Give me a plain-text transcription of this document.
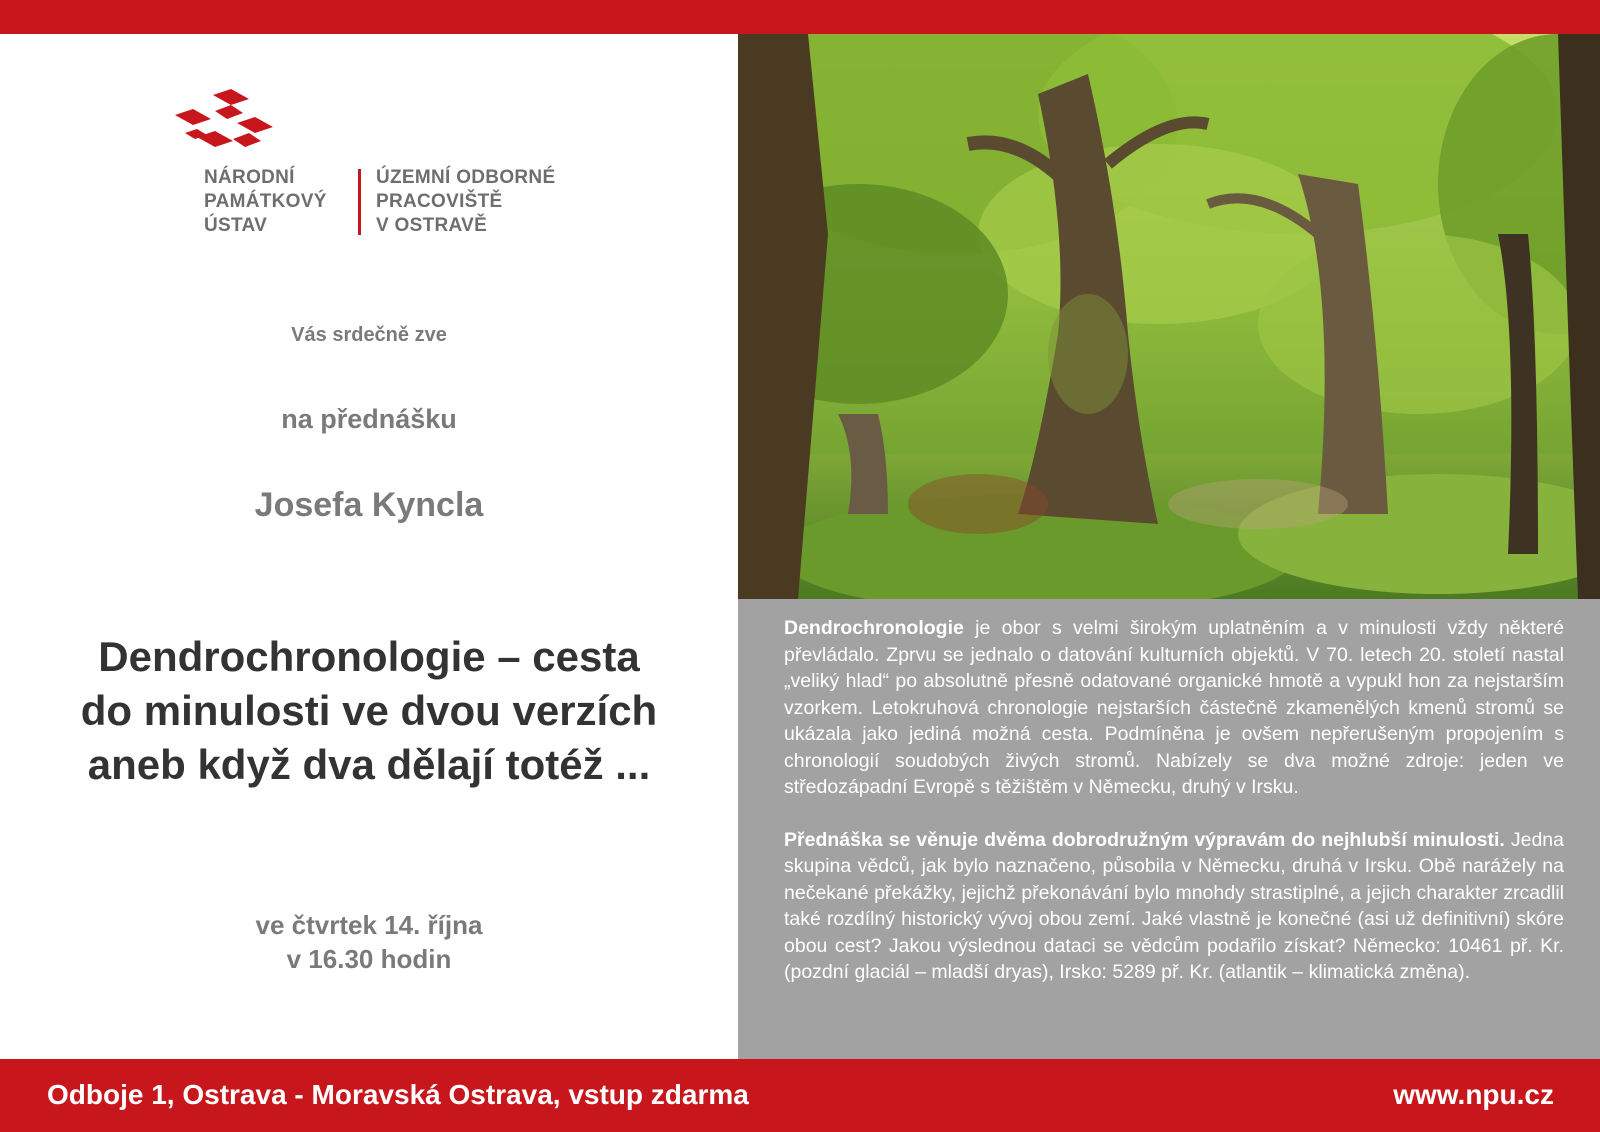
NÁRODNÍ
PAMÁTKOVÝ
ÚSTAV
ÚZEMNÍ ODBORNÉ
PRACOVIŠTĚ
V OSTRAVĚ
Vás srdečně zve
na přednášku
Josefa Kyncla
Dendrochronologie – cesta
do minulosti ve dvou verzích
aneb když dva dělají totéž ...
ve čtvrtek 14. října
v 16.30 hodin

Dendrochronologie je obor s velmi širokým uplatněním a v minulosti vždy některé převládalo. Zprvu se jednalo o datování kulturních objektů. V 70. letech 20. století nastal „veliký hlad“ po absolutně přesně odatované organické hmotě a vypukl hon za nejstarším vzorkem. Letokruhová chronologie nejstarších částečně zkamenělých kmenů stromů se ukázala jako jediná možná cesta. Podmíněna je ovšem nepřerušeným propojením s chronologií soudobých živých stromů. Nabízely se dva možné zdroje: jeden ve středozápadní Evropě s těžištěm v Německu, druhý v Irsku.

Přednáška se věnuje dvěma dobrodružným výpravám do nejhlubší minulosti. Jedna skupina vědců, jak bylo naznačeno, působila v Německu, druhá v Irsku. Obě narážely na nečekané překážky, jejichž překonávání bylo mnohdy strastiplné, a jejich charakter zrcadlil také rozdílný historický vývoj obou zemí. Jaké vlastně je konečné (asi už definitivní) skóre obou cest? Jakou výslednou dataci se vědcům podařilo získat? Německo: 10461 př. Kr. (pozdní glaciál – mladší dryas), Irsko: 5289 př. Kr. (atlantik – klimatická změna).

Odboje 1, Ostrava - Moravská Ostrava, vstup zdarma	www.npu.cz
